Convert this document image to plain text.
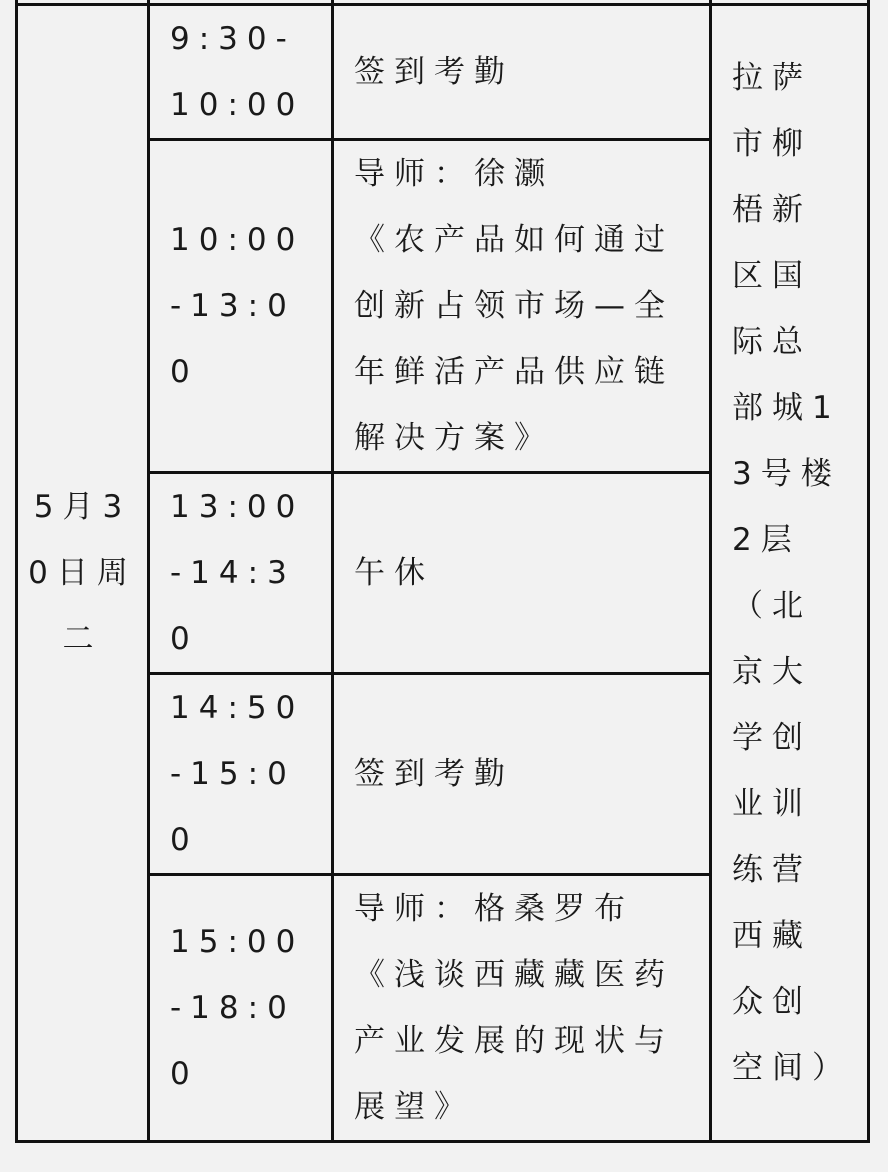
5月30日周二	9:30-10:00	签到考勤	拉萨市柳梧新区国际总部城13号楼2层（北京大学创业训练营西藏众创空间）
	10:00-13:00	导师：徐灏
《农产品如何通过创新占领市场—全年鲜活产品供应链解决方案》	

	13:00-14:30	午休	

	14:50-15:00	签到考勤	

	15:00-18:00	导师：格桑罗布
《浅谈西藏藏医药产业发展的现状与展望》	
